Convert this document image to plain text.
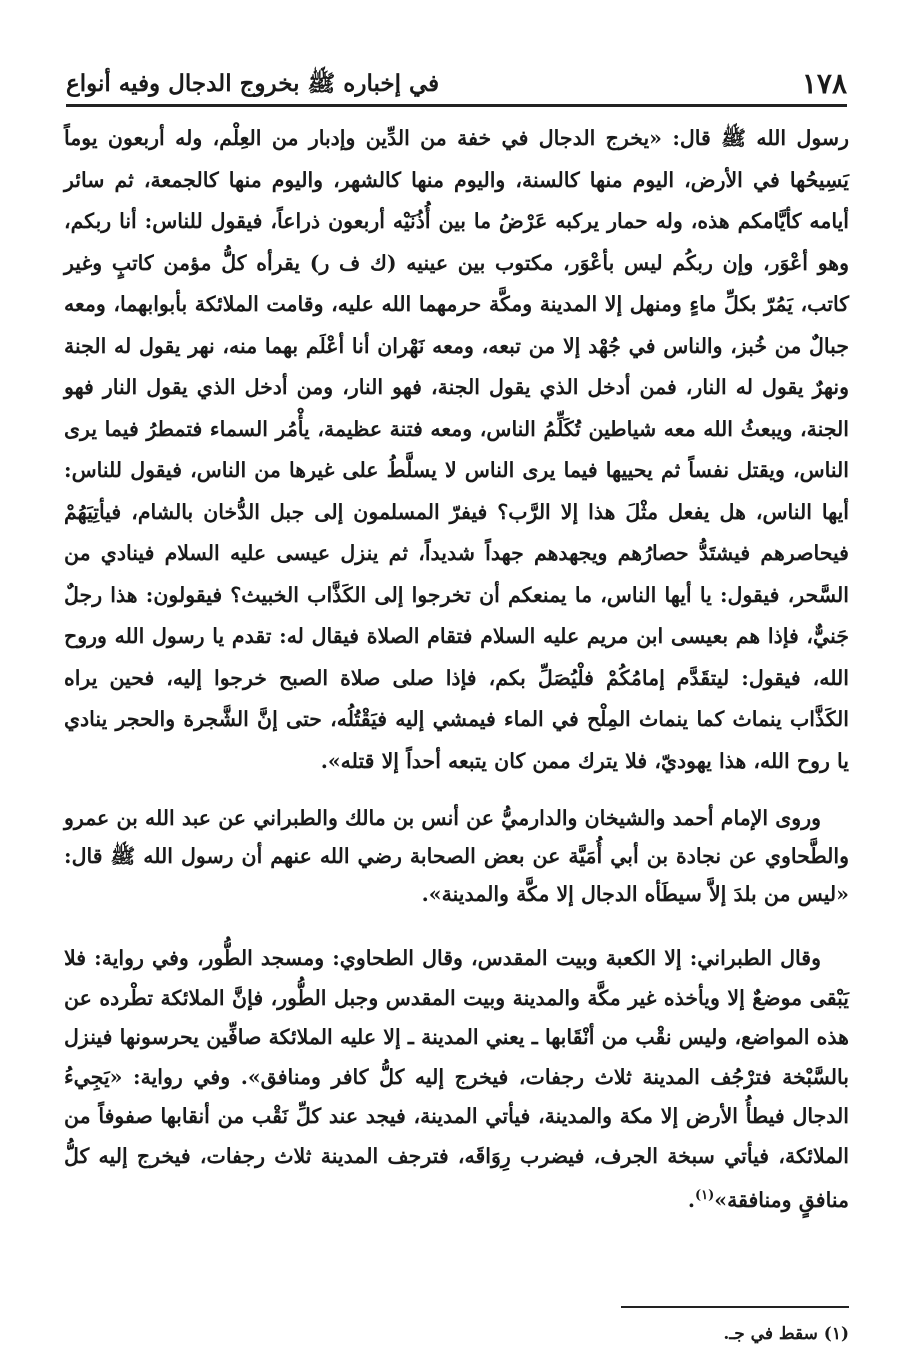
١٧٨
في إخباره ﷺ بخروج الدجال وفيه أنواع

رسول الله ﷺ قال: «يخرج الدجال في خفة من الدِّين وإدبار من العِلْم، وله أربعون يوماً يَسِيحُها في الأرض، اليوم منها كالسنة، واليوم منها كالشهر، واليوم منها كالجمعة، ثم سائر أيامه كأيَّامكم هذه، وله حمار يركبه عَرْضُ ما بين أُذُنَيْه أربعون ذراعاً، فيقول للناس: أنا ربكم، وهو أعْوَر، وإن ربكُم ليس بأعْوَر، مكتوب بين عينيه (ك ف ر) يقرأه كلُّ مؤمن كاتبٍ وغير كاتب، يَمُرّ بكلِّ ماءٍ ومنهل إلا المدينة ومكَّة حرمهما الله عليه، وقامت الملائكة بأبوابهما، ومعه جبالٌ من خُبز، والناس في جُهْد إلا من تبعه، ومعه نَهْران أنا أعْلَم بهما منه، نهر يقول له الجنة ونهرٌ يقول له النار، فمن أدخل الذي يقول الجنة، فهو النار، ومن أدخل الذي يقول النار فهو الجنة، ويبعثُ الله معه شياطين تُكَلِّمُ الناس، ومعه فتنة عظيمة، يأْمُر السماء فتمطرُ فيما يرى الناس، ويقتل نفساً ثم يحييها فيما يرى الناس لا يسلَّطُ على غيرها من الناس، فيقول للناس: أيها الناس، هل يفعل مثْلَ هذا إلا الرَّب؟ فيفرّ المسلمون إلى جبل الدُّخان بالشام، فيأتِيَهُمْ فيحاصرهم فيشتَدُّ حصارُهم ويجهدهم جهداً شديداً، ثم ينزل عيسى عليه السلام فينادي من السَّحر، فيقول: يا أيها الناس، ما يمنعكم أن تخرجوا إلى الكَذَّاب الخبيث؟ فيقولون: هذا رجلٌ جَنيٌّ، فإذا هم بعيسى ابن مريم عليه السلام فتقام الصلاة فيقال له: تقدم يا رسول الله وروح الله، فيقول: ليتقَدَّم إمامُكُمْ فلْيُصَلِّ بكم، فإذا صلى صلاة الصبح خرجوا إليه، فحين يراه الكَذَّاب ينماث كما ينماث المِلْح في الماء فيمشي إليه فيَقْتُلُه، حتى إنَّ الشَّجرة والحجر ينادي يا روح الله، هذا يهوديّ، فلا يترك ممن كان يتبعه أحداً إلا قتله».

وروى الإمام أحمد والشيخان والدارميُّ عن أنس بن مالك والطبراني عن عبد الله بن عمرو والطَّحاوي عن نجادة بن أبي أُمَيَّة عن بعض الصحابة رضي الله عنهم أن رسول الله ﷺ قال: «ليس من بلدَ إلاَّ سيطَأه الدجال إلا مكَّة والمدينة».

وقال الطبراني: إلا الكعبة وبيت المقدس، وقال الطحاوي: ومسجد الطُّور، وفي رواية: فلا يَبْقى موضعٌ إلا ويأخذه غير مكَّة والمدينة وبيت المقدس وجبل الطُّور، فإنَّ الملائكة تطْرده عن هذه المواضع، وليس نقْب من أنْقَابها ـ يعني المدينة ـ إلا عليه الملائكة صافِّين يحرسونها فينزل بالسَّبْخة فترْجُف المدينة ثلاث رجفات، فيخرج إليه كلُّ كافر ومنافق». وفي رواية: «يَجِيءُ الدجال فيطأُ الأرض إلا مكة والمدينة، فيأتي المدينة، فيجد عند كلِّ نَقْب من أنقابها صفوفاً من الملائكة، فيأتي سبخة الجرف، فيضرب رِوَاقَه، فترجف المدينة ثلاث رجفات، فيخرج إليه كلُّ منافقٍ ومنافقة»$^{(١)}$.

(١) سقط في جـ.
